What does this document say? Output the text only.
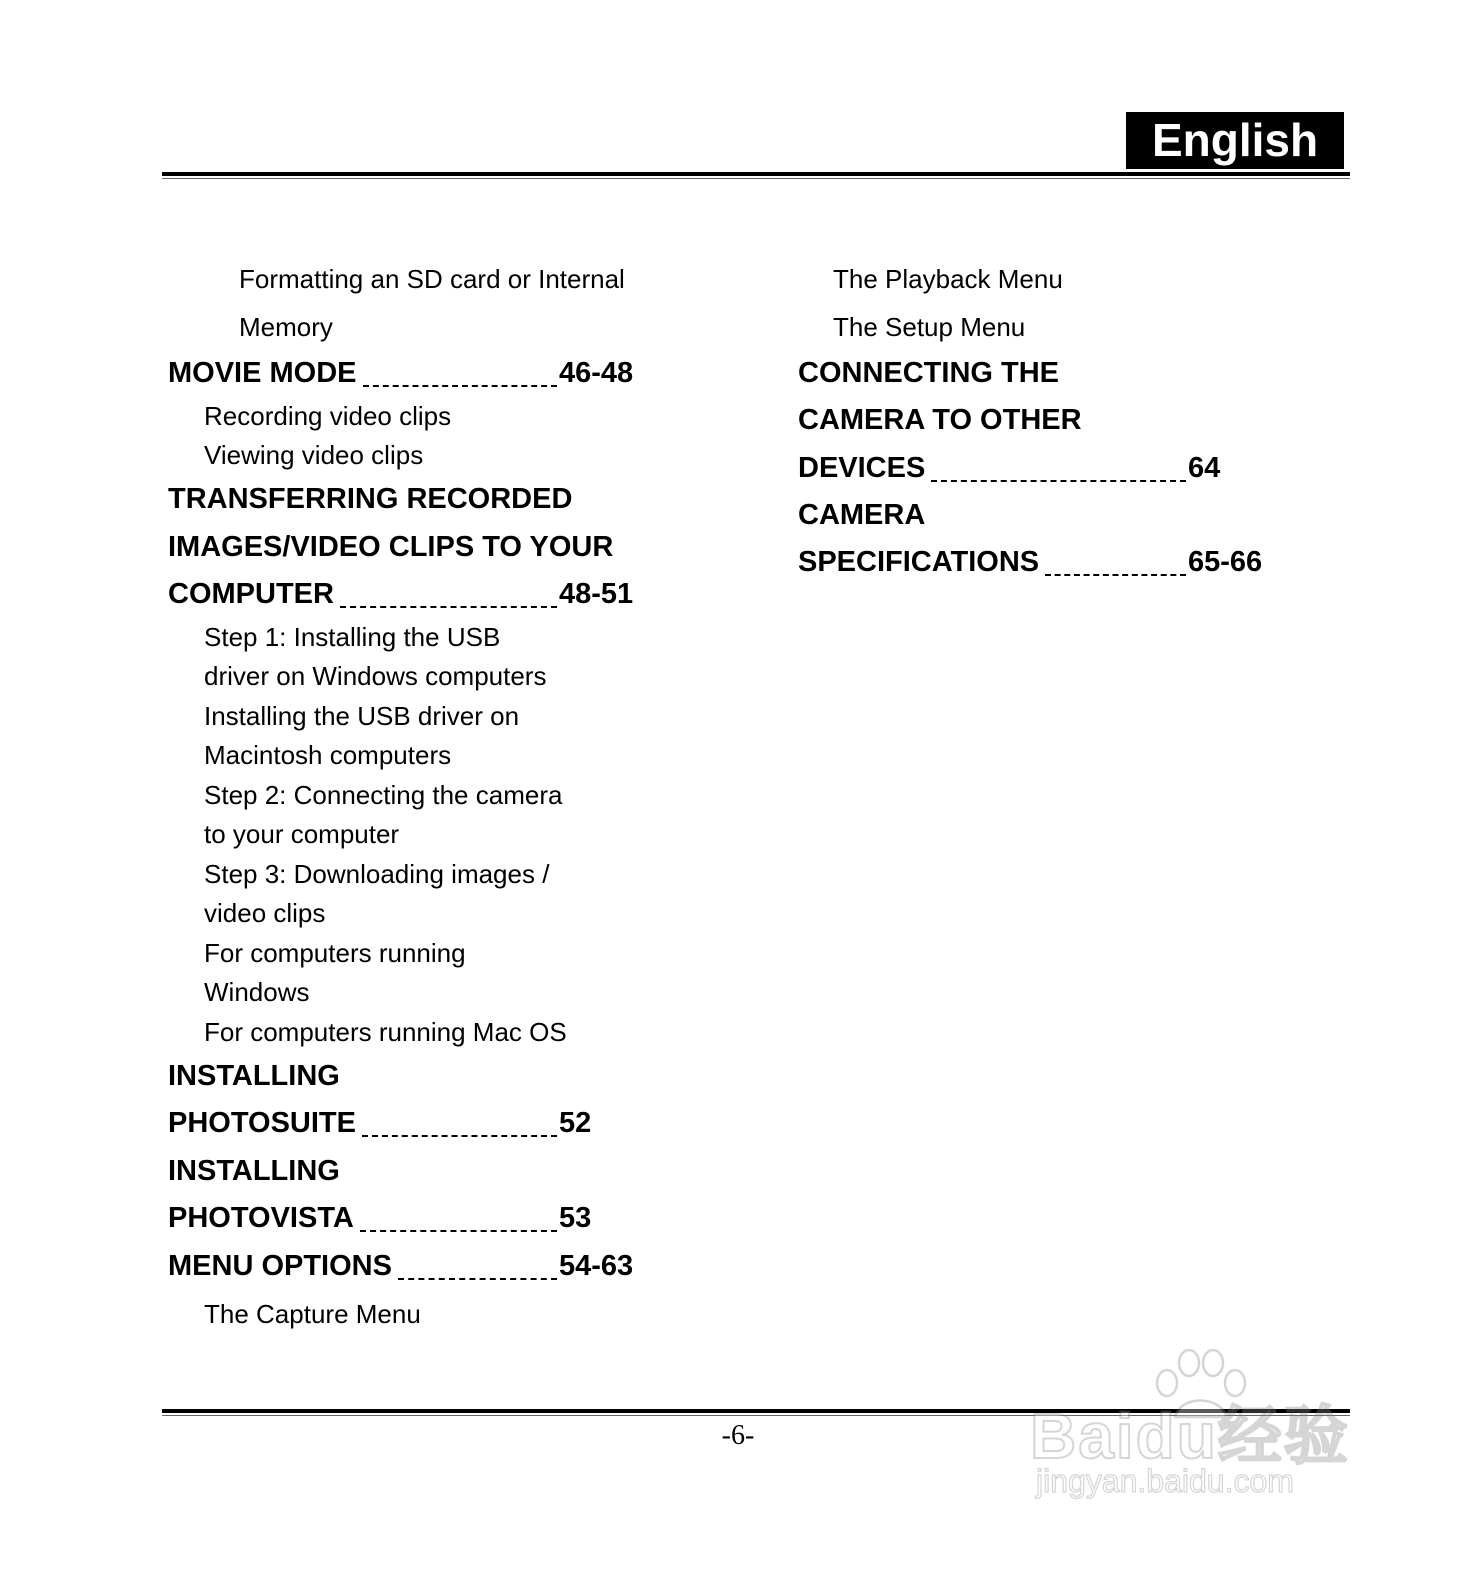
English
Formatting an SD card or Internal
Memory
MOVIE MODE	46-48
Recording video clips
Viewing video clips
TRANSFERRING RECORDED
IMAGES/VIDEO CLIPS TO YOUR
COMPUTER	48-51
Step 1: Installing the USB
driver on Windows computers
Installing the USB driver on
Macintosh computers
Step 2: Connecting the camera
to your computer
Step 3: Downloading images /
video clips
For computers running
Windows
For computers running Mac OS
INSTALLING
PHOTOSUITE	52
INSTALLING
PHOTOVISTA	53
MENU OPTIONS	54-63
The Capture Menu
The Playback Menu
The Setup Menu
CONNECTING THE
CAMERA TO OTHER
DEVICES	64
CAMERA
SPECIFICATIONS	65-66
-6-	Baidu经验
jingyan.baidu.com
